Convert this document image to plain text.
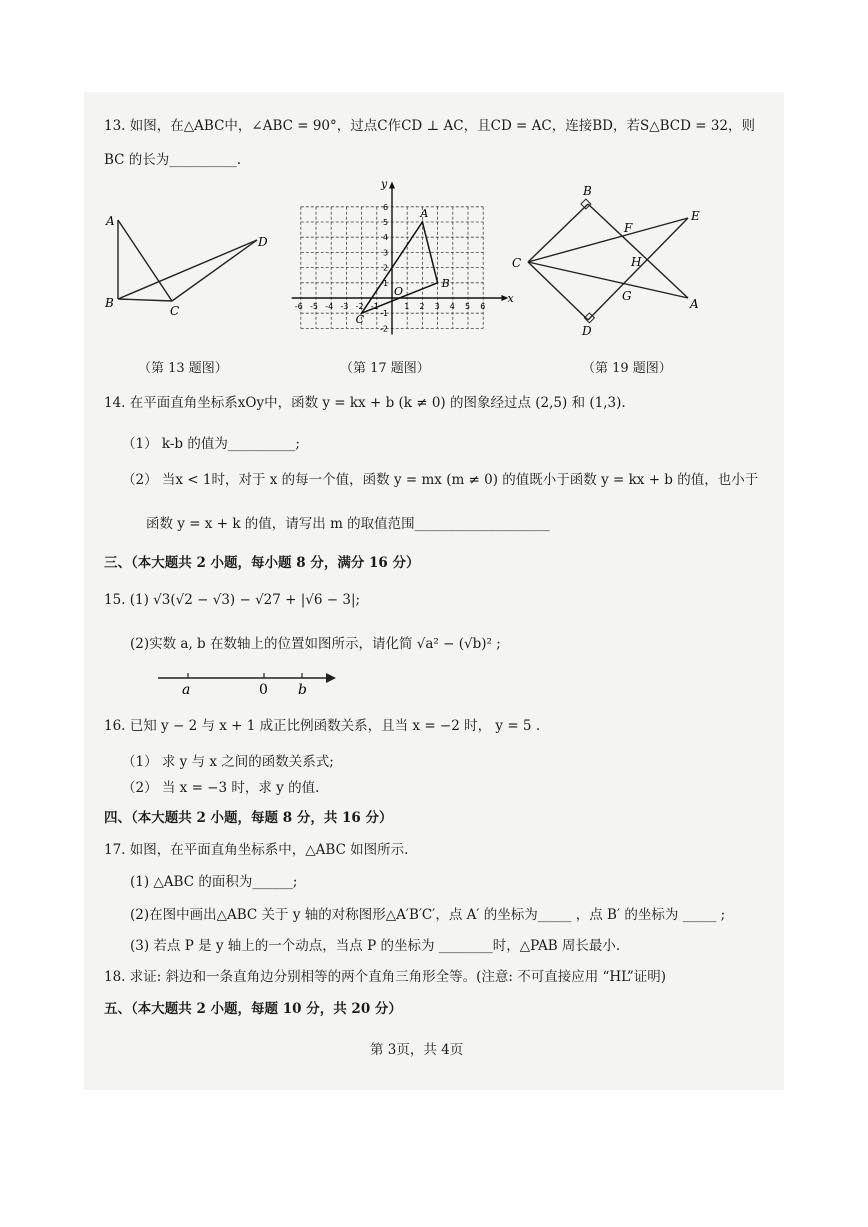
13. 如图，在△ABC中，∠ABC = 90°，过点C作CD ⊥ AC，且CD = AC，连接BD，若S△BCD = 32，则
BC 的长为__________.
A
B
C
D
（第 13 题图）
x
y
O
-6 -5 -4 -3 -2 -1	1 2 3 4 5 6
6
5
4
3
2
1
-1
-2
A
B
C
（第 17 题图）
B
E
F
C	H
G
A
D
（第 19 题图）
14. 在平面直角坐标系xOy中，函数 y = kx + b (k ≠ 0) 的图象经过点 (2,5) 和 (1,3).
（1） k-b 的值为__________;
（2） 当x < 1时，对于 x 的每一个值，函数 y = mx (m ≠ 0) 的值既小于函数 y = kx + b 的值，也小于
函数 y = x + k 的值，请写出 m 的取值范围____________________
三、（本大题共 2 小题，每小题 8 分，满分 16 分）
15. (1) √3(√2 − √3) − √27 + |√6 − 3|;
(2)实数 a, b 在数轴上的位置如图所示，请化简 √a² − (√b)² ;
a	0 b
16. 已知 y − 2 与 x + 1 成正比例函数关系，且当 x = −2 时， y = 5 .
（1） 求 y 与 x 之间的函数关系式;
（2） 当 x = −3 时，求 y 的值.
四、（本大题共 2 小题，每题 8 分，共 16 分）
17. 如图，在平面直角坐标系中，△ABC 如图所示.
(1) △ABC 的面积为______;
(2)在图中画出△ABC 关于 y 轴的对称图形△A′B′C′，点 A′ 的坐标为_____ ，点 B′ 的坐标为 _____ ;
(3) 若点 P 是 y 轴上的一个动点，当点 P 的坐标为 ________时，△PAB 周长最小.
18. 求证: 斜边和一条直角边分别相等的两个直角三角形全等。(注意: 不可直接应用 “HL”证明)
五、（本大题共 2 小题，每题 10 分，共 20 分）
第 3页，共 4页
